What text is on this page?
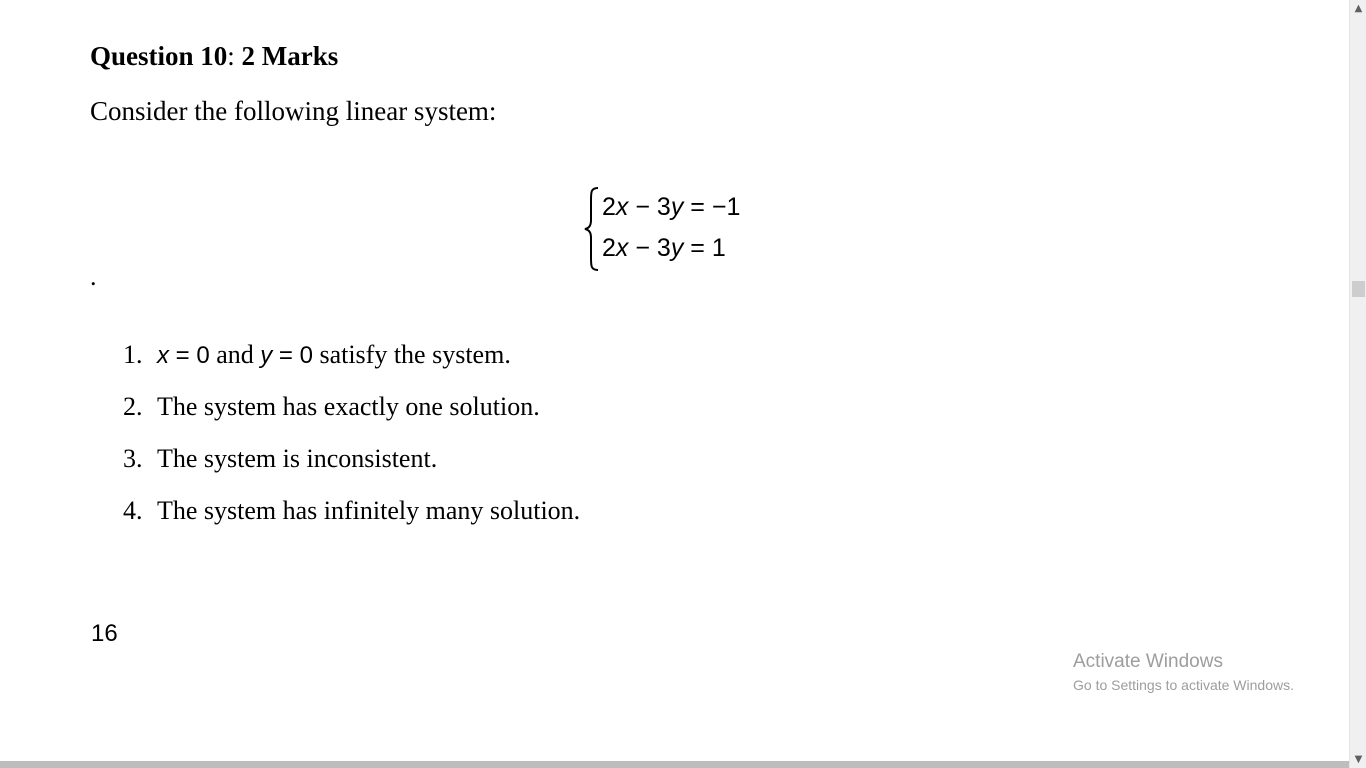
Question 10: 2 Marks
Consider the following linear system:
2x − 3y = −1
2x − 3y = 1
.
1. x = 0 and y = 0 satisfy the system.
2. The system has exactly one solution.
3. The system is inconsistent.
4. The system has infinitely many solution.
16
Activate Windows
Go to Settings to activate Windows.
▲
▼
